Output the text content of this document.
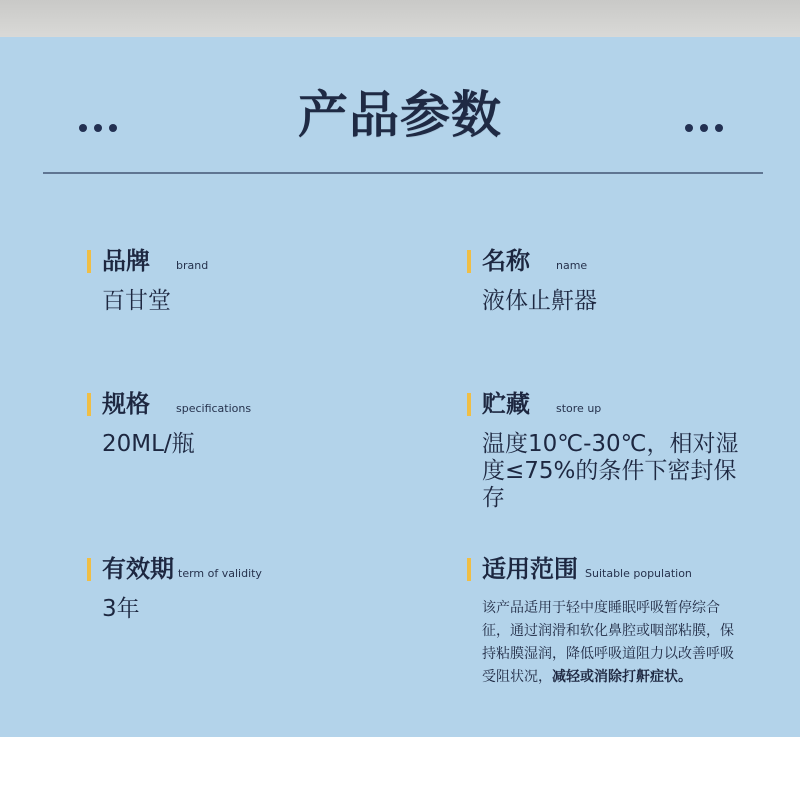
产品参数
品牌 brand
百甘堂
名称 name
液体止鼾器
规格 specifications
20ML/瓶
贮藏 store up
温度10℃-30℃，相对湿度≤75%的条件下密封保存
有效期 term of validity
3年
适用范围 Suitable population
该产品适用于轻中度睡眠呼吸暂停综合征，通过润滑和软化鼻腔或咽部粘膜，保持粘膜湿润，降低呼吸道阻力以改善呼吸受阻状况，减轻或消除打鼾症状。
